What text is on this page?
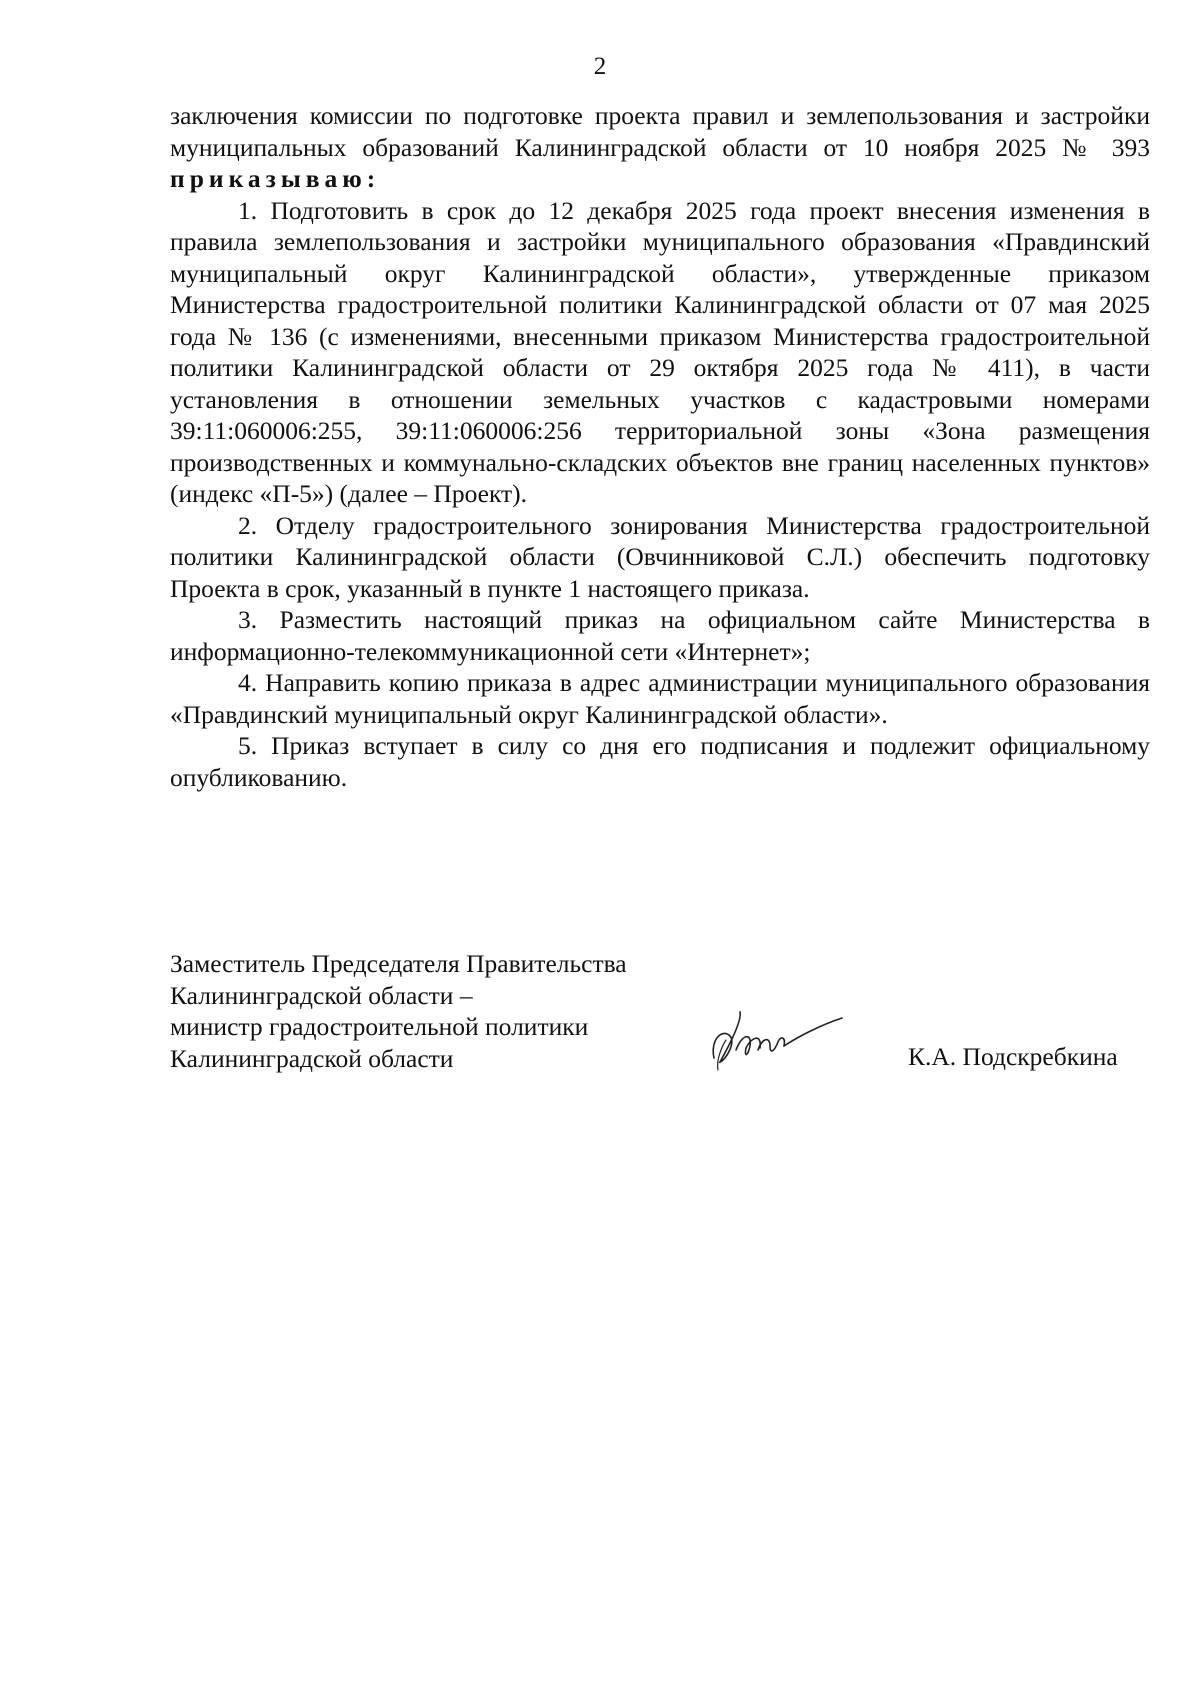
2

заключения комиссии по подготовке проекта правил и землепользования и застройки муниципальных образований Калининградской области от 10 ноября 2025 № 393 приказываю:

1. Подготовить в срок до 12 декабря 2025 года проект внесения изменения в правила землепользования и застройки муниципального образования «Правдинский муниципальный округ Калининградской области», утвержденные приказом Министерства градостроительной политики Калининградской области от 07 мая 2025 года № 136 (с изменениями, внесенными приказом Министерства градостроительной политики Калининградской области от 29 октября 2025 года № 411), в части установления в отношении земельных участков с кадастровыми номерами 39:11:060006:255, 39:11:060006:256 территориальной зоны «Зона размещения производственных и коммунально-складских объектов вне границ населенных пунктов» (индекс «П-5») (далее – Проект).

2. Отделу градостроительного зонирования Министерства градостроительной политики Калининградской области (Овчинниковой С.Л.) обеспечить подготовку Проекта в срок, указанный в пункте 1 настоящего приказа.

3. Разместить настоящий приказ на официальном сайте Министерства в информационно-телекоммуникационной сети «Интернет»;

4. Направить копию приказа в адрес администрации муниципального образования «Правдинский муниципальный округ Калининградской области».

5. Приказ вступает в силу со дня его подписания и подлежит официальному опубликованию.

Заместитель Председателя Правительства
Калининградской области –
министр градостроительной политики
Калининградской области	К.А. Подскребкина
